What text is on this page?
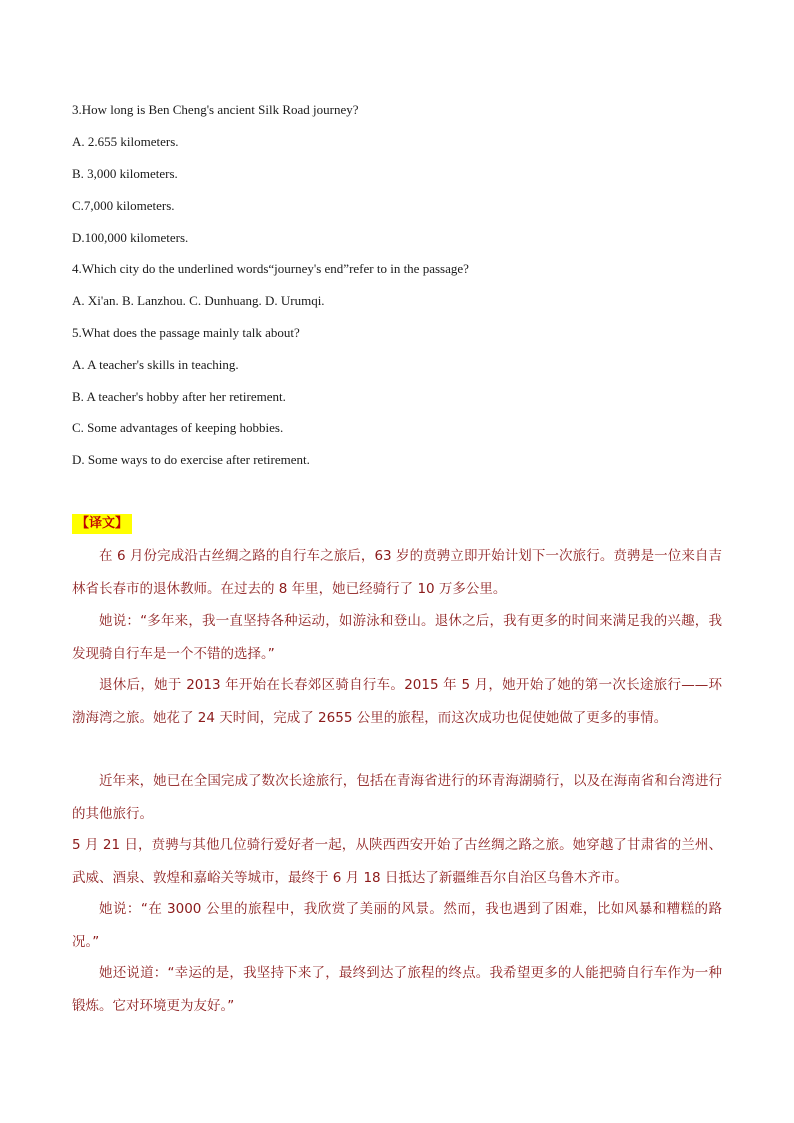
3.How long is Ben Cheng's ancient Silk Road journey?
A. 2.655 kilometers.
B. 3,000 kilometers.
C.7,000 kilometers.
D.100,000 kilometers.
4.Which city do the underlined words“journey's end”refer to in the passage?
A. Xi'an. B. Lanzhou. C. Dunhuang. D. Urumqi.
5.What does the passage mainly talk about?
A. A teacher's skills in teaching.
B. A teacher's hobby after her retirement.
C. Some advantages of keeping hobbies.
D. Some ways to do exercise after retirement.
【译文】

在 6 月份完成沿古丝绸之路的自行车之旅后，63 岁的贲骋立即开始计划下一次旅行。贲骋是一位来自吉林省长春市的退休教师。在过去的 8 年里，她已经骑行了 10 万多公里。

她说：“多年来，我一直坚持各种运动，如游泳和登山。退休之后，我有更多的时间来满足我的兴趣，我发现骑自行车是一个不错的选择。”

退休后，她于 2013 年开始在长春郊区骑自行车。2015 年 5 月，她开始了她的第一次长途旅行——环渤海湾之旅。她花了 24 天时间，完成了 2655 公里的旅程，而这次成功也促使她做了更多的事情。

近年来，她已在全国完成了数次长途旅行，包括在青海省进行的环青海湖骑行，以及在海南省和台湾进行的其他旅行。

5 月 21 日，贲骋与其他几位骑行爱好者一起，从陕西西安开始了古丝绸之路之旅。她穿越了甘肃省的兰州、武威、酒泉、敦煌和嘉峪关等城市，最终于 6 月 18 日抵达了新疆维吾尔自治区乌鲁木齐市。

她说：“在 3000 公里的旅程中，我欣赏了美丽的风景。然而，我也遇到了困难，比如风暴和糟糕的路况。”

她还说道：“幸运的是，我坚持下来了，最终到达了旅程的终点。我希望更多的人能把骑自行车作为一种锻炼。它对环境更为友好。”
